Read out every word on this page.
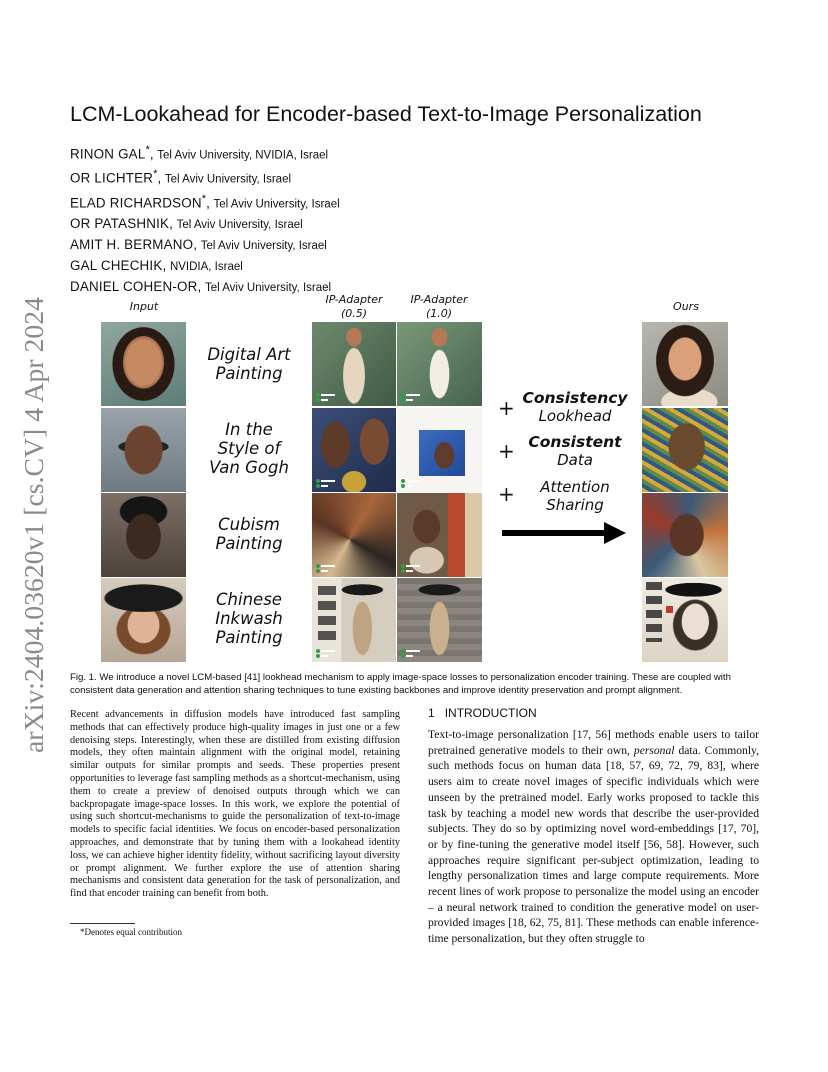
arXiv:2404.03620v1 [cs.CV] 4 Apr 2024
LCM-Lookahead for Encoder-based Text-to-Image Personalization
RINON GAL*, Tel Aviv University, NVIDIA, Israel
OR LICHTER*, Tel Aviv University, Israel
ELAD RICHARDSON*, Tel Aviv University, Israel
OR PATASHNIK, Tel Aviv University, Israel
AMIT H. BERMANO, Tel Aviv University, Israel
GAL CHECHIK, NVIDIA, Israel
DANIEL COHEN-OR, Tel Aviv University, Israel
Input
IP-Adapter
(0.5)
IP-Adapter
(1.0)
Ours
Digital Art
Painting
In the
Style of
Van Gogh
Cubism
Painting
Chinese
Inkwash
Painting
+
+
+
Consistency
Lookhead
Consistent
Data
Attention
Sharing
Fig. 1. We introduce a novel LCM-based [41] lookhead mechanism to apply image-space losses to personalization encoder training. These are coupled with consistent data generation and attention sharing techniques to tune existing backbones and improve identity preservation and prompt alignment.
Recent advancements in diffusion models have introduced fast sampling methods that can effectively produce high-quality images in just one or a few denoising steps. Interestingly, when these are distilled from existing diffusion models, they often maintain alignment with the original model, retaining similar outputs for similar prompts and seeds. These properties present opportunities to leverage fast sampling methods as a shortcut-mechanism, using them to create a preview of denoised outputs through which we can backpropagate image-space losses. In this work, we explore the potential of using such shortcut-mechanisms to guide the personalization of text-to-image models to specific facial identities. We focus on encoder-based personalization approaches, and demonstrate that by tuning them with a lookahead identity loss, we can achieve higher identity fidelity, without sacrificing layout diversity or prompt alignment. We further explore the use of attention sharing mechanisms and consistent data generation for the task of personalization, and find that encoder training can benefit from both.
*Denotes equal contribution
1 INTRODUCTION
Text-to-image personalization [17, 56] methods enable users to tailor pretrained generative models to their own, personal data. Commonly, such methods focus on human data [18, 57, 69, 72, 79, 83], where users aim to create novel images of specific individuals which were unseen by the pretrained model. Early works proposed to tackle this task by teaching a model new words that describe the user-provided subjects. They do so by optimizing novel word-embeddings [17, 70], or by fine-tuning the generative model itself [56, 58]. However, such approaches require significant per-subject optimization, leading to lengthy personalization times and large compute requirements. More recent lines of work propose to personalize the model using an encoder – a neural network trained to condition the generative model on user-provided images [18, 62, 75, 81]. These methods can enable inference-time personalization, but they often struggle to
